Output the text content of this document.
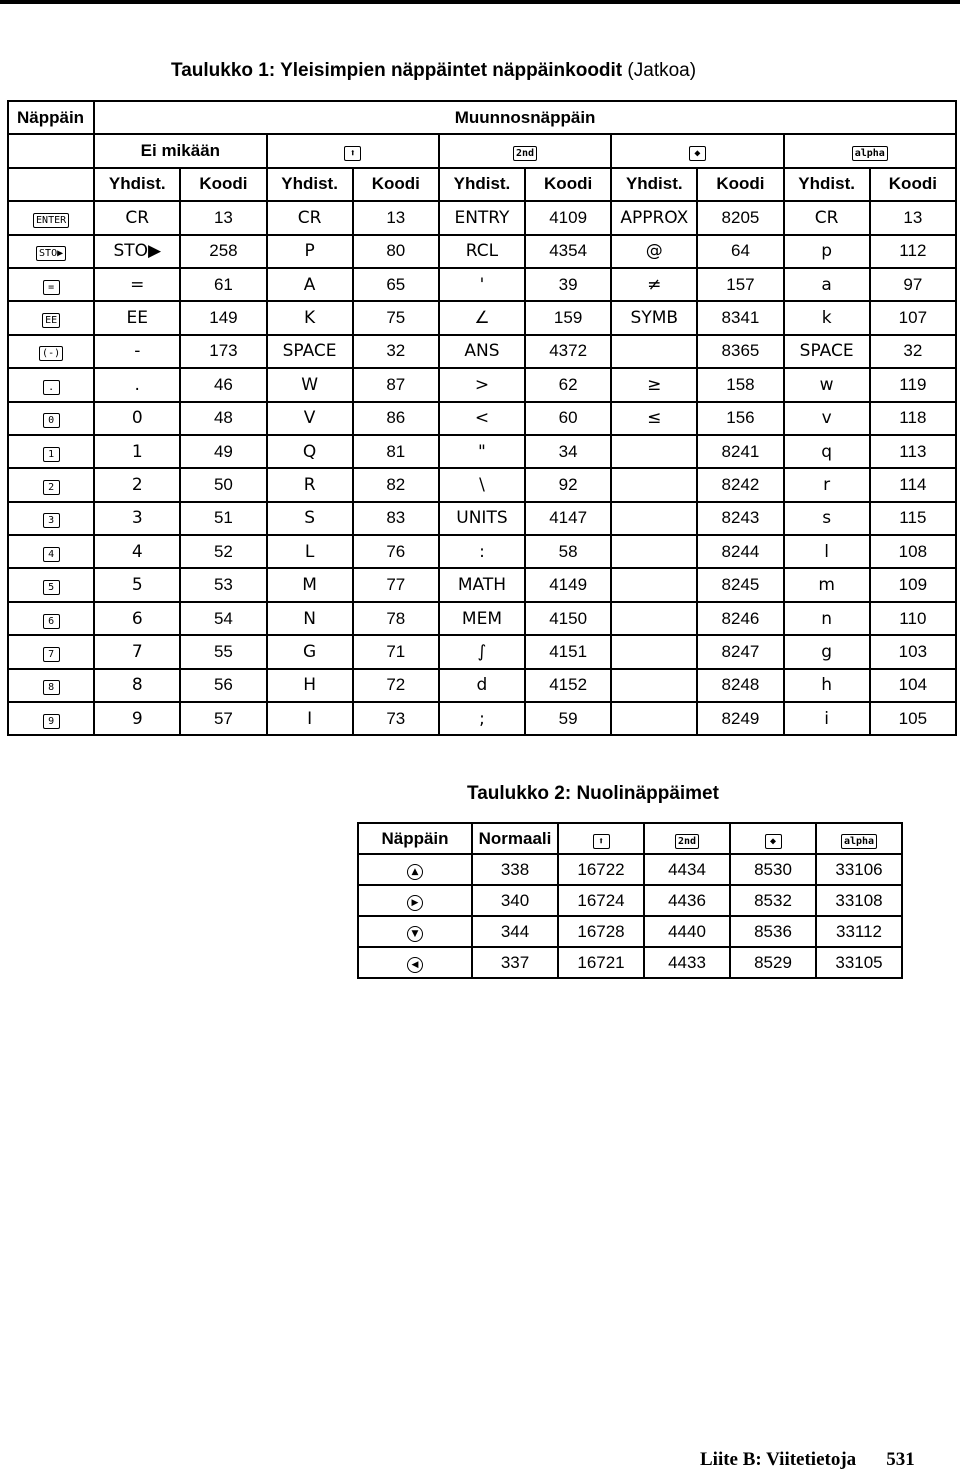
Taulukko 1: Yleisimpien näppäintet näppäinkoodit (Jatkoa)
Näppäin	Muunnosnäppäin									
	Ei mikään		⬆		2nd		◆		alpha	
	Yhdist.	Koodi	Yhdist.	Koodi	Yhdist.	Koodi	Yhdist.	Koodi	Yhdist.	Koodi
ENTER	CR	13	CR	13	ENTRY	4109	APPROX	8205	CR	13
STO▶	STO▶	258	P	80	RCL	4354	@	64	p	112
=	=	61	A	65	'	39	≠	157	a	97
EE	EE	149	K	75	∠	159	SYMB	8341	k	107
(-)	-	173	SPACE	32	ANS	4372		8365	SPACE	32
.	.	46	W	87	>	62	≥	158	w	119
0	0	48	V	86	<	60	≤	156	v	118
1	1	49	Q	81	"	34		8241	q	113
2	2	50	R	82	\	92		8242	r	114
3	3	51	S	83	UNITS	4147		8243	s	115
4	4	52	L	76	:	58		8244	l	108
5	5	53	M	77	MATH	4149		8245	m	109
6	6	54	N	78	MEM	4150		8246	n	110
7	7	55	G	71	∫	4151		8247	g	103
8	8	56	H	72	d	4152		8248	h	104
9	9	57	I	73	;	59		8249	i	105
Taulukko 2: Nuolinäppäimet
Näppäin	Normaali	⬆	2nd	◆	alpha
▲	338	16722	4434	8530	33106
▶	340	16724	4436	8532	33108
▼	344	16728	4440	8536	33112
◀	337	16721	4433	8529	33105
Liite B: Viitetietoja 531
